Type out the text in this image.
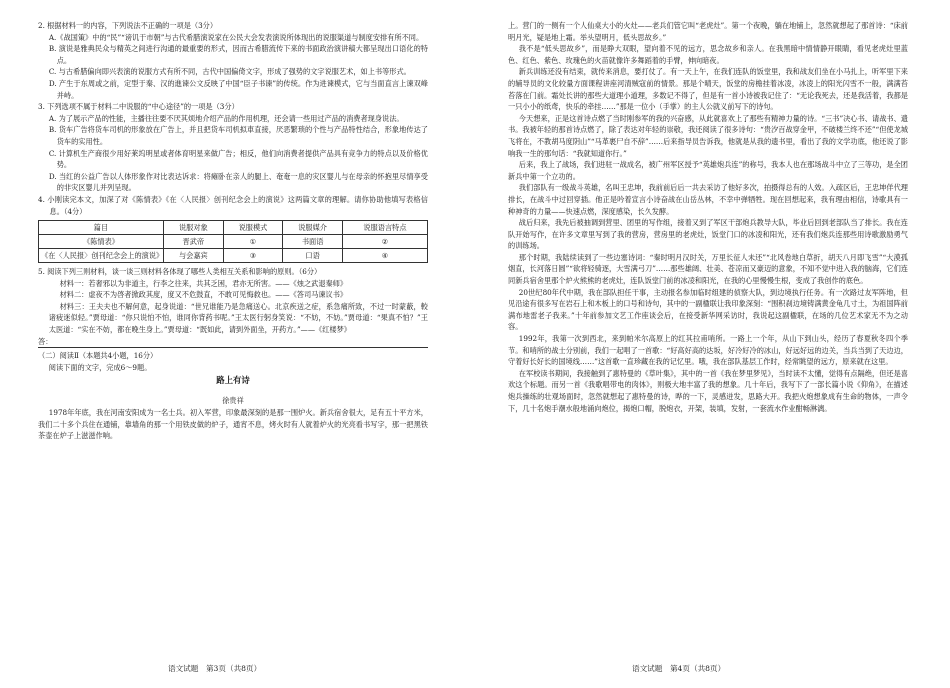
2. 根据材料一的内容，下列说法不正确的一项是（3分）

A.《战国策》中的“民”“谤讥于市朝”与古代希腊演说家在公民大会发表演说所体现出的说服渠道与制度安排有所不同。

B. 演说是雅典民众与精英之间进行沟通的最重要的形式，因而古希腊流传下来的书面政治演讲稿大都呈现出口语化的特点。

C. 与古希腊偏向即兴表演的说服方式有所不同，古代中国偏倚文字，形成了强势的文字说服艺术，如上书等形式。

D. 产生于东周或之前，定型于秦、汉的進谏公文反映了中国“臣子书谏”的传统。作为进谏模式，它与当面直言上谏双峰并峙。

3. 下列选项不属于材料二中说服的“中心途径”的一项是（3分）

A. 为了展示产品的性能，主播往往要不厌其烦地介绍产品的作用机理，还会请一些用过产品的消费者现身说法。

B. 货车广告将货车司机的形象放在广告上，并且把货车司机拟車直接，厌恶繁琐的个性与产品特性结合，形象地传达了货车的实用性。

C. 计算机生产商很少用好莱坞明星或者体育明星来做广告；相反，他们向消费者提供产品具有竞争力的特点以及价格优势。

D. 当红的公益广告以人体形象作对比表达诉求：将瘫卧在亲人的腿上、奄奄一息的灾区婴儿与在母亲的怀抱里尽情享受的非灾区婴儿并列呈现。

4. 小刚读完本文，加深了对《陈情表》《在〈人民报〉创刊纪念会上的演说》这两篇文章的理解。请你协助他填写表格信息。（4分）

篇目	说服对象	说服模式	说服媒介	说服语言特点
《陈情表》	晋武帝	①	书面语	②
《在〈人民报〉创刊纪念会上的演说》	与会嘉宾	③	口语	④

5. 阅读下列三则材料，谈一谈三则材料各体现了哪些人类相互关系和影响的原则。（6分）

材料一：若奢邪以为非道主，行李之往来，共其乏困，君亦无所害。——《烛之武退秦师》

材料二：虚夜不为啓者掀政其度，度又不危鼓直，不敢可见悔救也。——《答司马谏议书》

材料三：王夫夫也不解何意，起身说道：“世兄谁能乃是急痛送心。北京疾送之症，系急痛所致，不过一时蒙蔽，較诸疲迷似轻。”贾母道：“你只说怕不怕，谁同你背药书呢。”王太医行躬身笑说：“不妨，不妨。”贾母道：“果真不怕？”王太医道：“实在不妨，都在晚生身上。”贾母道：“既如此，请到外面坐，开药方。”——《红楼梦》

答：

（二）阅读Ⅱ（本题共4小题，16分）

阅读下面的文字，完成6～9题。

路上有诗

徐贵祥

1978年年底，我在河南安阳成为一名士兵。初入军营，印象最深刻的是那一围炉火。新兵宿舍很大，足有五十平方米，我们二十多个兵住在通铺，靠墙角的那一个用铁皮做的炉子，通宵不息，烤火时有人就着炉火的光亮看书写字，那一把黑铁茶壶在炉子上滋滋作响。

上。营门的一侧有一个人仙桌大小的火灶——老兵们管它叫“老虎灶”。第一个夜晚，躺在地铺上，忽然就想起了那首诗：“床前明月光，疑是地上霜。举头望明月，低头思故乡。”

我不是“低头思故乡”，而是睁大双眼，望向着不见的远方，思念故乡和亲人。在我黑暗中情情静开眼睛，看见老虎灶里蓝色、红色、紫色、玫瑰色的火苗就像许多舞蹈着的手臂，伸向暗夜。

新兵训练还没有结束，就传来消息，要打仗了。有一天上午，在我们连队的饭堂里，我和战友们坐在小马扎上，听军里下来的辅导员的文化较量方面课程讲座河清贼寇前的情景。那是个晴天，饭堂的房檐挂着冰凌，冰凌上的阳光闪雪不一般，满满苔苔落在门前。霜处长讲的那些大道理小道理，多数记不得了，但是有一首小诗被我记住了：“无论我死去，还是我活着，我都是一只小小的纸鸢，快乐的牵挂……”那是一位小（手掌）的主人公就义前写下的诗句。

今天想来，正是这首诗点燃了当时刚参军的我的兴奋感，从此就喜欢上了那些有精神力量的诗。“三书”决心书、请战书、遗书。我被年轻的那首诗点燃了，除了表达对年轻的崇敬，我还阅读了很多诗句：“贵汐百战穿金甲，不破楼兰终不还”“但使龙城飞将在，不教胡马度阴山”“马革裹尸自不辞”……后来指导员告诉我，他就是从我的遗书里，看出了我的文学功底，他还说了影响我一生的那句话：“我就知道你行。”

后来，我上了战场，我们进驻一战成名，被广州军区授予“英雄炮兵连”的称号，我本人也在那场战斗中立了三等功，是全团新兵中第一个立功的。

我们部队有一级战斗英雄，名叫王忠坤，我前前后后一共去采访了他好多次，拍摄得总有的人效。入疏区后，王忠坤佯代理排长，在战斗中过回穿插。他正是吟着宣言小诗奋战在山岳丛林，不幸中弹牺牲。现在回想起来，我有理由相信，诗歌具有一种神奇的力量——快速点燃，深度感染，长久发酵。

战后归来，我先后被抽调到营里、团里的写作组，接着又到了军区干部炮兵教导大队，毕业后回到老部队当了排长。我在连队开始写作，在许多文章里写到了我的营房，营房里的老虎灶，饭堂门口的冰凌和阳光，还有我们炮兵连那些用诗歌激励勇气的训练场。

那个时期，我陆续读到了一些边塞诗词：“秦时明月汉时关，万里长征人未还”“北风卷地白草折，胡天八月即飞雪”“大漠孤烟直，长河落日圆”“欲将轻骑逐，大雪满弓刀”……那些雄阔、壮美、苍凉而又豪迈的意象，不知不觉中进入我的脑海，它们连同新兵宿舍里那个炉火熊熊的老虎灶，连队饭堂门前的冰凌和阳光，在我的心里慢慢生根，变成了我创作的底色。

20世纪80年代中期，我在部队担任干事，主动报名参加临时组建的侦察大队，到边境执行任务。有一次路过友军阵地，但见沿途有很多写在岩石上和木板上的口号和诗句，其中的一副楹联让我印象深刻：“围积刹边境铸满黄金龟几寸土，为祖国阵前满布地雷老子我来。”十年前参加文艺工作座谈会后，在接受新华网采访时，我说起这副楹联，在场的几位艺术家无不为之动容。

1992年，我第一次到西北，来到帕米尔高原上的红其拉甫哨所。一路上一个年，从山下到山头，经历了春夏秋冬四个季节。和哨所的战士分别前，我们一起唱了一首歌：“好高好高的达坂，好冷好冷的冰山，好远好远的边关，当兵当到了天边边，守着好长好长的国境线……”这首歌一直珍藏在我的记忆里。哦，我在部队基层工作时，经常眺望的远方，原来就在这里。

在军校读书期间，我接触到了惠特曼的《草叶集》，其中的一首《我在梦里梦见》，当时读不太懂，觉得有点隔绝，但还是喜欢这个标题。而另一首《我歌唱带电的肉体》，则极大地丰富了我的想象。几十年后，我写下了一部长篇小说《仰角》，在描述炮兵操练的壮观场面时，忽然就想起了惠特曼的诗，哗的一下，灵感迸发，思路大开。我把火炮想象成有生命的物体，一声令下，几十名炮手潮水般地涌向炮位，揭炮口帽，脱炮衣，开架，装填，发射，一套流水作业酣畅淋漓。

语文试题　第3页（共8页）	语文试题　第4页（共8页）
